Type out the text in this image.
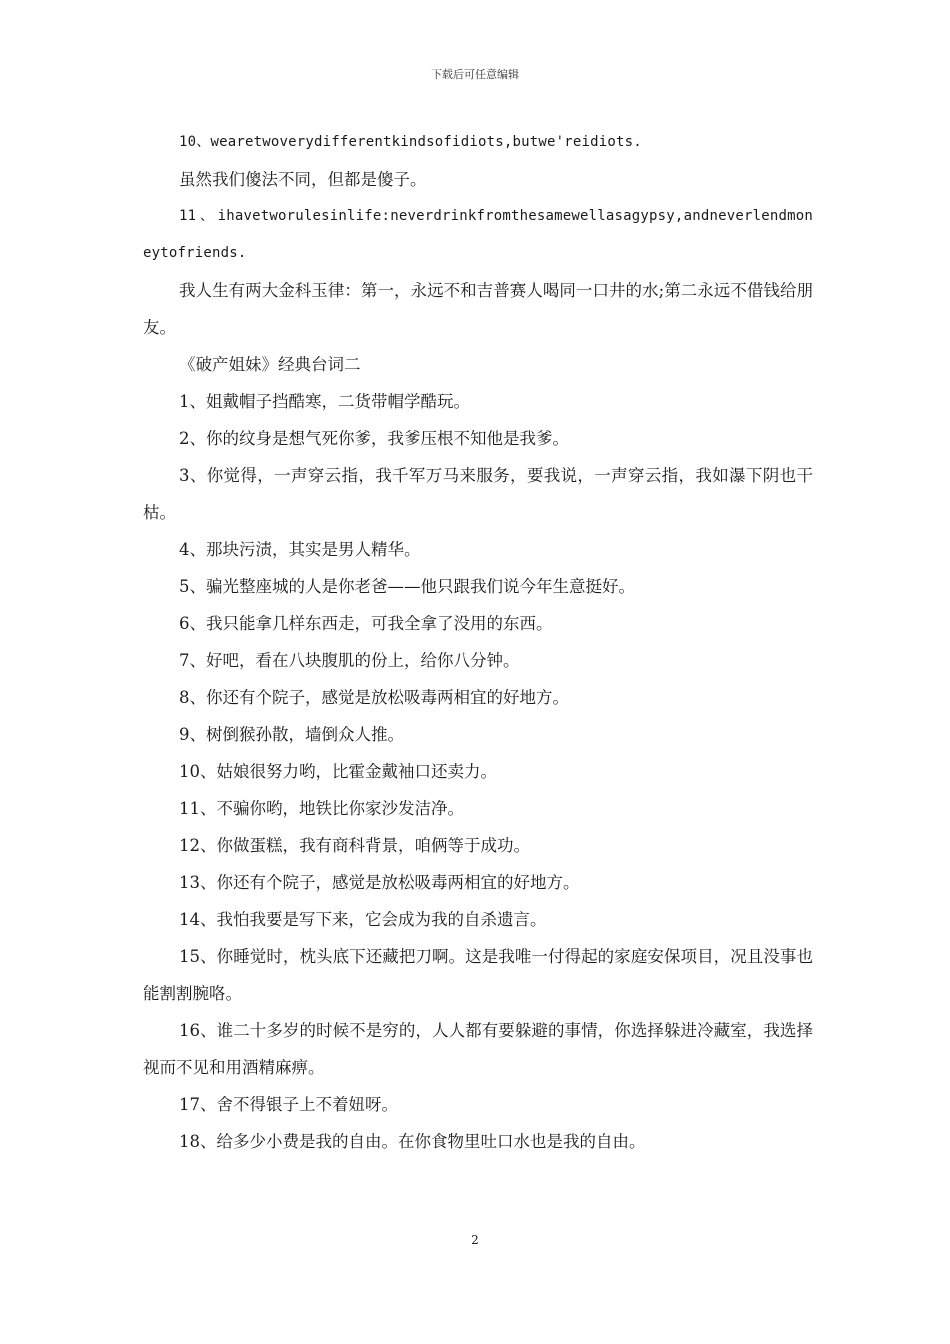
下载后可任意编辑

10、wearetwoverydifferentkindsofidiots,butwe'reidiots.

虽然我们傻法不同，但都是傻子。

11、ihavetworulesinlife:neverdrinkfromthesamewellasagypsy,andneverlendmoneytofriends.

我人生有两大金科玉律：第一，永远不和吉普赛人喝同一口井的水;第二永远不借钱给朋友。

《破产姐妹》经典台词二

1、姐戴帽子挡酷寒，二货带帽学酷玩。

2、你的纹身是想气死你爹，我爹压根不知他是我爹。

3、你觉得，一声穿云指，我千军万马来服务，要我说，一声穿云指，我如瀑下阴也干枯。

4、那块污渍，其实是男人精华。

5、骗光整座城的人是你老爸——他只跟我们说今年生意挺好。

6、我只能拿几样东西走，可我全拿了没用的东西。

7、好吧，看在八块腹肌的份上，给你八分钟。

8、你还有个院子，感觉是放松吸毒两相宜的好地方。

9、树倒猴孙散，墙倒众人推。

10、姑娘很努力哟，比霍金戴袖口还卖力。

11、不骗你哟，地铁比你家沙发洁净。

12、你做蛋糕，我有商科背景，咱俩等于成功。

13、你还有个院子，感觉是放松吸毒两相宜的好地方。

14、我怕我要是写下来，它会成为我的自杀遗言。

15、你睡觉时，枕头底下还藏把刀啊。这是我唯一付得起的家庭安保项目，况且没事也能割割腕咯。

16、谁二十多岁的时候不是穷的，人人都有要躲避的事情，你选择躲进冷藏室，我选择视而不见和用酒精麻痹。

17、舍不得银子上不着妞呀。

18、给多少小费是我的自由。在你食物里吐口水也是我的自由。

2
